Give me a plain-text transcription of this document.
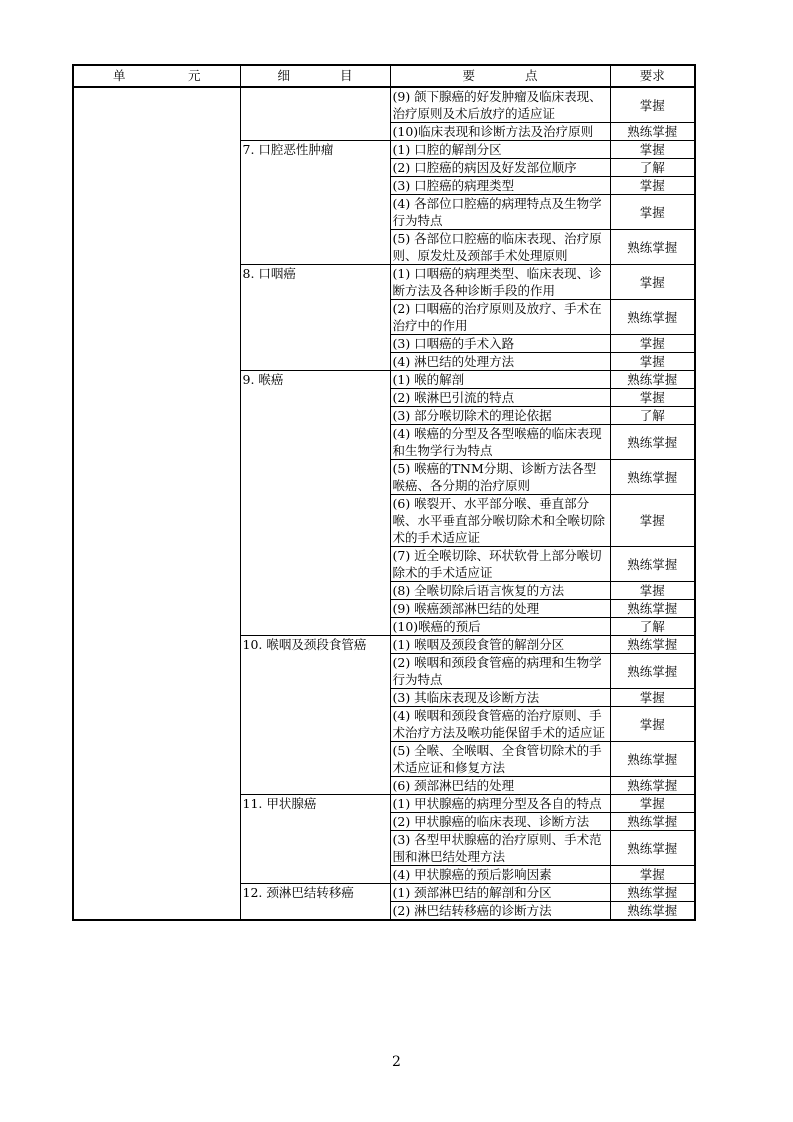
单　　　　　元	细　　　　目	要　　　　点	要求
		(9) 颌下腺癌的好发肿瘤及临床表现、治疗原则及术后放疗的适应证	掌握
		(10)临床表现和诊断方法及治疗原则	熟练掌握
	7. 口腔恶性肿瘤	(1) 口腔的解剖分区	掌握
		(2) 口腔癌的病因及好发部位顺序	了解
		(3) 口腔癌的病理类型	掌握
		(4) 各部位口腔癌的病理特点及生物学行为特点	掌握
		(5) 各部位口腔癌的临床表现、治疗原则、原发灶及颈部手术处理原则	熟练掌握
	8. 口咽癌	(1) 口咽癌的病理类型、临床表现、诊断方法及各种诊断手段的作用	掌握
		(2) 口咽癌的治疗原则及放疗、手术在治疗中的作用	熟练掌握
		(3) 口咽癌的手术入路	掌握
		(4) 淋巴结的处理方法	掌握
	9. 喉癌	(1) 喉的解剖	熟练掌握
		(2) 喉淋巴引流的特点	掌握
		(3) 部分喉切除术的理论依据	了解
		(4) 喉癌的分型及各型喉癌的临床表现和生物学行为特点	熟练掌握
		(5) 喉癌的TNM分期、诊断方法各型喉癌、各分期的治疗原则	熟练掌握
		(6) 喉裂开、水平部分喉、垂直部分喉、水平垂直部分喉切除术和全喉切除术的手术适应证	掌握
		(7) 近全喉切除、环状软骨上部分喉切除术的手术适应证	熟练掌握
		(8) 全喉切除后语言恢复的方法	掌握
		(9) 喉癌颈部淋巴结的处理	熟练掌握
		(10)喉癌的预后	了解
	10. 喉咽及颈段食管癌	(1) 喉咽及颈段食管的解剖分区	熟练掌握
		(2) 喉咽和颈段食管癌的病理和生物学行为特点	熟练掌握
		(3) 其临床表现及诊断方法	掌握
		(4) 喉咽和颈段食管癌的治疗原则、手术治疗方法及喉功能保留手术的适应证	掌握
		(5) 全喉、全喉咽、全食管切除术的手术适应证和修复方法	熟练掌握
		(6) 颈部淋巴结的处理	熟练掌握
	11. 甲状腺癌	(1) 甲状腺癌的病理分型及各自的特点	掌握
		(2) 甲状腺癌的临床表现、诊断方法	熟练掌握
		(3) 各型甲状腺癌的治疗原则、手术范围和淋巴结处理方法	熟练掌握
		(4) 甲状腺癌的预后影响因素	掌握
	12. 颈淋巴结转移癌	(1) 颈部淋巴结的解剖和分区	熟练掌握
		(2) 淋巴结转移癌的诊断方法	熟练掌握
2
